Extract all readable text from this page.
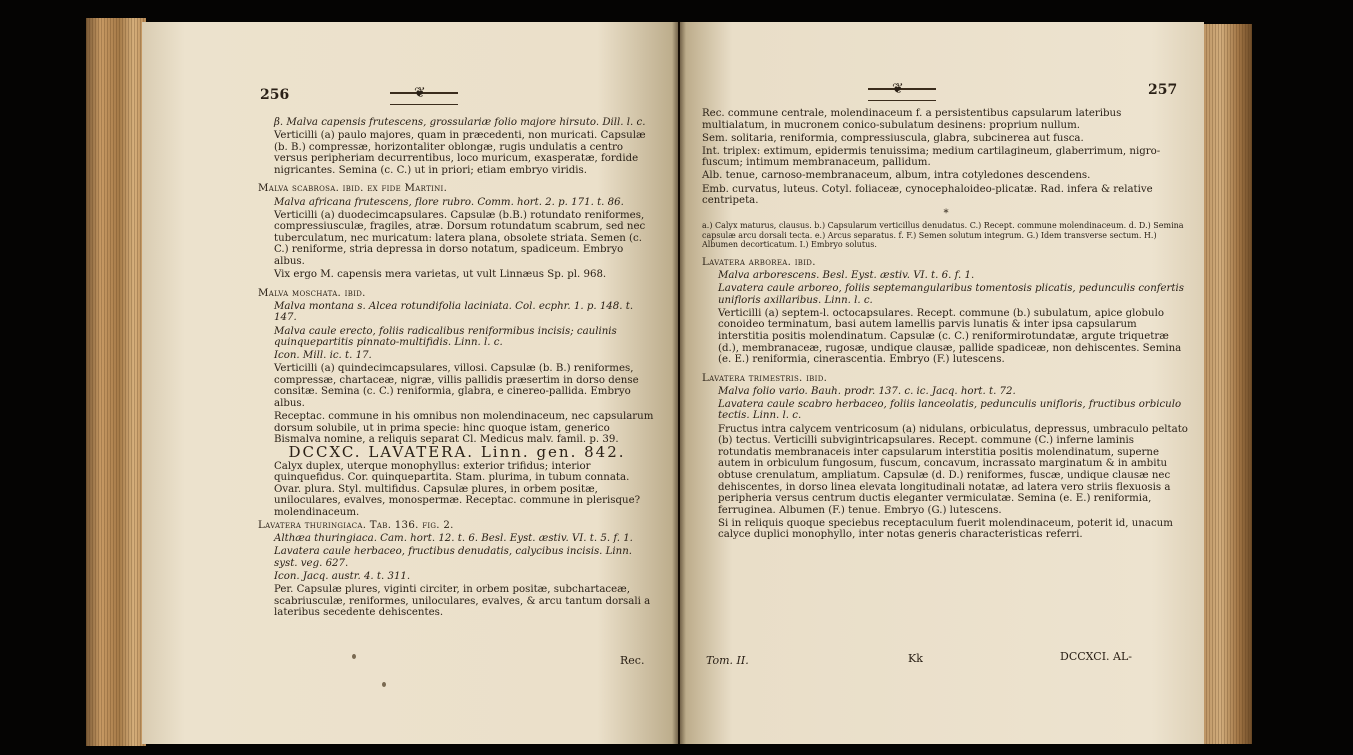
256
❦

β. Malva capensis frutescens, grossulariæ folio majore hirsuto. Dill. l. c.

Verticilli (a) paulo majores, quam in præcedenti, non muricati. Capsulæ (b. B.) compressæ, horizontaliter oblongæ, rugis undulatis a centro versus peripheriam decurrentibus, loco muricum, exasperatæ, fordide nigricantes. Semina (c. C.) ut in priori; etiam embryo viridis.

Malva scabrosa. ibid. ex fide Martini.

Malva africana frutescens, flore rubro. Comm. hort. 2. p. 171. t. 86.

Verticilli (a) duodecimcapsulares. Capsulæ (b.B.) rotundato reniformes, compressiusculæ, fragiles, atræ. Dorsum rotundatum scabrum, sed nec tuberculatum, nec muricatum: latera plana, obsolete striata. Semen (c. C.) reniforme, stria depressa in dorso notatum, spadiceum. Embryo albus.

Vix ergo M. capensis mera varietas, ut vult Linnæus Sp. pl. 968.

Malva moschata. ibid.

Malva montana s. Alcea rotundifolia laciniata. Col. ecphr. 1. p. 148. t. 147.

Malva caule erecto, foliis radicalibus reniformibus incisis; caulinis quinquepartitis pinnato-multifidis. Linn. l. c.

Icon. Mill. ic. t. 17.

Verticilli (a) quindecimcapsulares, villosi. Capsulæ (b. B.) reniformes, compressæ, chartaceæ, nigræ, villis pallidis præsertim in dorso dense consitæ. Semina (c. C.) reniformia, glabra, e cinereo-pallida. Embryo albus.

Receptac. commune in his omnibus non molendinaceum, nec capsularum dorsum solubile, ut in prima specie: hinc quoque istam, generico Bismalva nomine, a reliquis separat Cl. Medicus malv. famil. p. 39.

DCCXC. LAVATERA. Linn. gen. 842.

Calyx duplex, uterque monophyllus: exterior trifidus; interior quinquefidus. Cor. quinquepartita. Stam. plurima, in tubum connata. Ovar. plura. Styl. multifidus. Capsulæ plures, in orbem positæ, uniloculares, evalves, monospermæ. Receptac. commune in plerisque? molendinaceum.

Lavatera thuringiaca. Tab. 136. fig. 2.

Althæa thuringiaca. Cam. hort. 12. t. 6. Besl. Eyst. æstiv. VI. t. 5. f. 1.

Lavatera caule herbaceo, fructibus denudatis, calycibus incisis. Linn. syst. veg. 627.

Icon. Jacq. austr. 4. t. 311.

Per. Capsulæ plures, viginti circiter, in orbem positæ, subchartaceæ, scabriusculæ, reniformes, uniloculares, evalves, & arcu tantum dorsali a lateribus secedente dehiscentes.

Rec.
❦
257

Rec. commune centrale, molendinaceum f. a persistentibus capsularum lateribus multialatum, in mucronem conico-subulatum desinens: proprium nullum.

Sem. solitaria, reniformia, compressiuscula, glabra, subcinerea aut fusca.

Int. triplex: extimum, epidermis tenuissima; medium cartilagineum, glaberrimum, nigro-fuscum; intimum membranaceum, pallidum.

Alb. tenue, carnoso-membranaceum, album, intra cotyledones descendens.

Emb. curvatus, luteus. Cotyl. foliaceæ, cynocephaloideo-plicatæ. Rad. infera & relative centripeta.

*

a.) Calyx maturus, clausus. b.) Capsularum verticillus denudatus. C.) Recept. commune molendinaceum. d. D.) Semina capsulæ arcu dorsali tecta. e.) Arcus separatus. f. F.) Semen solutum integrum. G.) Idem transverse sectum. H.) Albumen decorticatum. I.) Embryo solutus.

Lavatera arborea. ibid.

Malva arborescens. Besl. Eyst. æstiv. VI. t. 6. f. 1.

Lavatera caule arboreo, foliis septemangularibus tomentosis plicatis, pedunculis confertis unifloris axillaribus. Linn. l. c.

Verticilli (a) septem-l. octocapsulares. Recept. commune (b.) subulatum, apice globulo conoideo terminatum, basi autem lamellis parvis lunatis & inter ipsa capsularum interstitia positis molendinatum. Capsulæ (c. C.) reniformirotundatæ, argute triquetræ (d.), membranaceæ, rugosæ, undique clausæ, pallide spadiceæ, non dehiscentes. Semina (e. E.) reniformia, cinerascentia. Embryo (F.) lutescens.

Lavatera trimestris. ibid.

Malva folio vario. Bauh. prodr. 137. c. ic. Jacq. hort. t. 72.

Lavatera caule scabro herbaceo, foliis lanceolatis, pedunculis unifloris, fructibus orbiculo tectis. Linn. l. c.

Fructus intra calycem ventricosum (a) nidulans, orbiculatus, depressus, umbraculo peltato (b) tectus. Verticilli subvigintricapsulares. Recept. commune (C.) inferne laminis rotundatis membranaceis inter capsularum interstitia positis molendinatum, superne autem in orbiculum fungosum, fuscum, concavum, incrassato marginatum & in ambitu obtuse crenulatum, ampliatum. Capsulæ (d. D.) reniformes, fuscæ, undique clausæ nec dehiscentes, in dorso linea elevata longitudinali notatæ, ad latera vero striis flexuosis a peripheria versus centrum ductis eleganter vermiculatæ. Semina (e. E.) reniformia, ferruginea. Albumen (F.) tenue. Embryo (G.) lutescens.

Si in reliquis quoque speciebus receptaculum fuerit molendinaceum, poterit id, unacum calyce duplici monophyllo, inter notas generis characteristicas referri.

Tom. II.	Kk	DCCXCI. AL-
